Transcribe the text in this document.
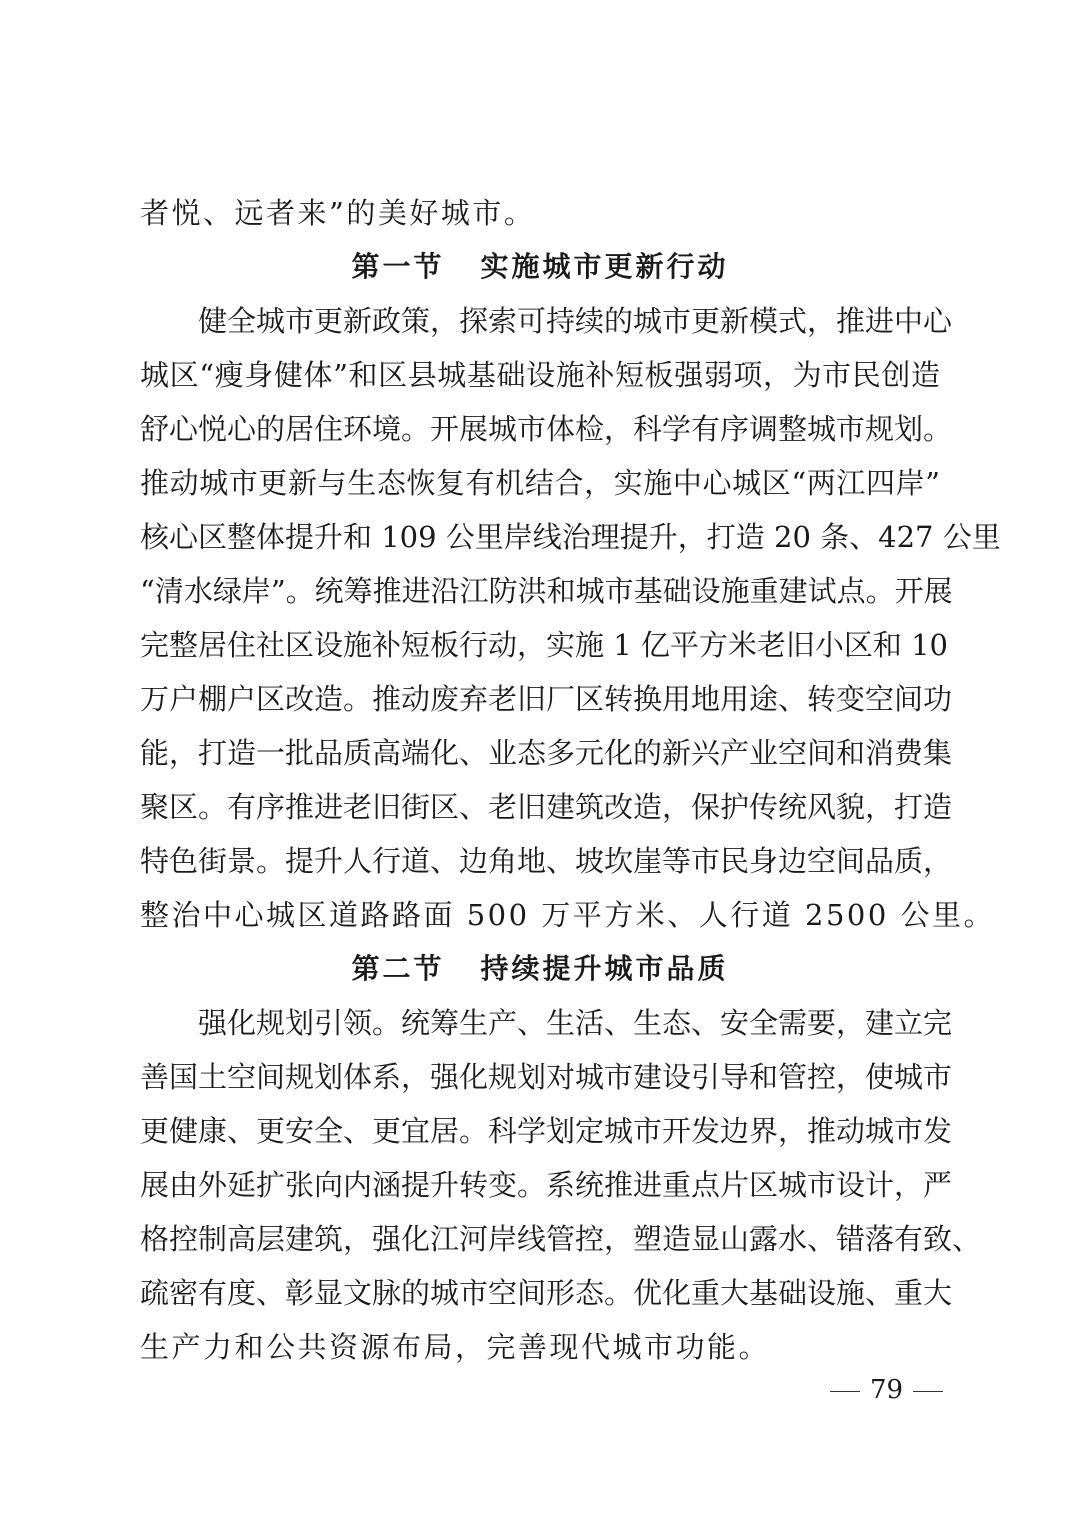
者悦、远者来”的美好城市。
第一节 实施城市更新行动
健全城市更新政策，探索可持续的城市更新模式，推进中心
城区“瘦身健体”和区县城基础设施补短板强弱项，为市民创造
舒心悦心的居住环境。开展城市体检，科学有序调整城市规划。
推动城市更新与生态恢复有机结合，实施中心城区“两江四岸”
核心区整体提升和 109 公里岸线治理提升，打造 20 条、427 公里
“清水绿岸”。统筹推进沿江防洪和城市基础设施重建试点。开展
完整居住社区设施补短板行动，实施 1 亿平方米老旧小区和 10
万户棚户区改造。推动废弃老旧厂区转换用地用途、转变空间功
能，打造一批品质高端化、业态多元化的新兴产业空间和消费集
聚区。有序推进老旧街区、老旧建筑改造，保护传统风貌，打造
特色街景。提升人行道、边角地、坡坎崖等市民身边空间品质，
整治中心城区道路路面 500 万平方米、人行道 2500 公里。
第二节 持续提升城市品质
强化规划引领。统筹生产、生活、生态、安全需要，建立完
善国土空间规划体系，强化规划对城市建设引导和管控，使城市
更健康、更安全、更宜居。科学划定城市开发边界，推动城市发
展由外延扩张向内涵提升转变。系统推进重点片区城市设计，严
格控制高层建筑，强化江河岸线管控，塑造显山露水、错落有致、
疏密有度、彰显文脉的城市空间形态。优化重大基础设施、重大
生产力和公共资源布局，完善现代城市功能。
79
